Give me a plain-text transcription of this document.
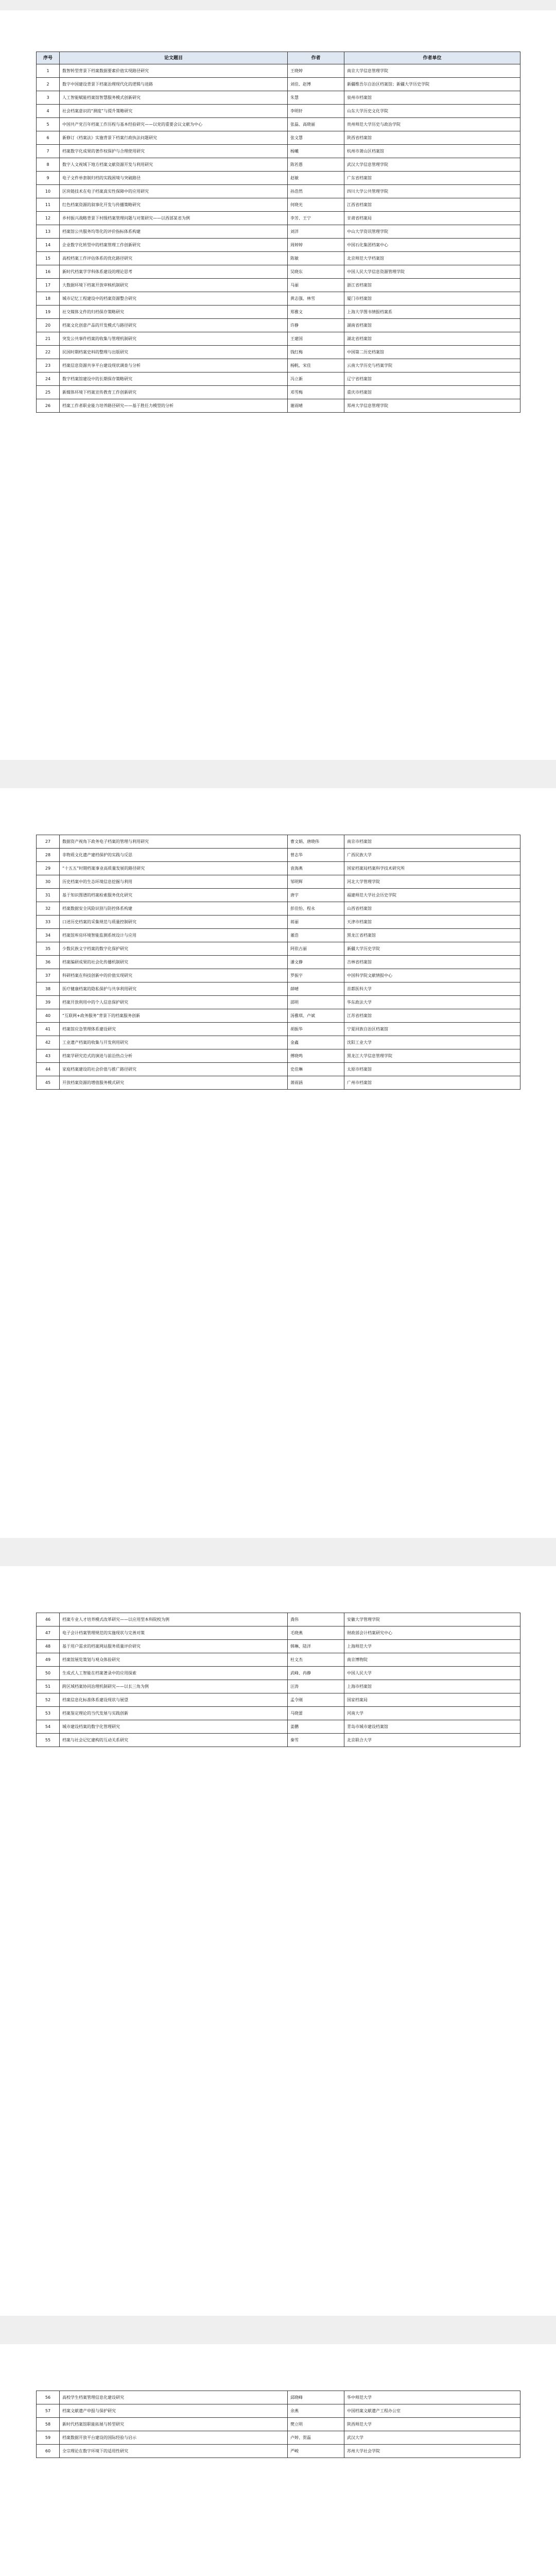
序号	论文题目	作者	作者单位
1	数智转型背景下档案数据要素价值实现路径研究	王晓婷	南京大学信息管理学院
2	数字中国建设背景下档案治理现代化的逻辑与进路	刘佳、赵博	新疆维吾尔自治区档案馆；新疆大学历史学院
3	人工智能赋能档案馆智慧服务模式创新研究	朱慧	泉州市档案馆
4	社会档案意识的“测度”与提升策略研究	李明轩	山东大学历史文化学院
5	中国共产党百年档案工作历程与基本经验研究——以党的重要会议文献为中心	张磊、高晓丽	贵州师范大学历史与政治学院
6	新修订《档案法》实施背景下档案行政执法问题研究	张文慧	陕西省档案馆
7	档案数字化成果的著作权保护与合理使用研究	杨曦	杭州市萧山区档案馆
8	数字人文视域下地方档案文献资源开发与利用研究	陈若愚	武汉大学信息管理学院
9	电子文件单套制归档的实践困境与突破路径	赵敏	广东省档案馆
10	区块链技术在电子档案真实性保障中的应用研究	孙浩然	四川大学公共管理学院
11	红色档案资源的叙事化开发与传播策略研究	何晓光	江西省档案馆
12	乡村振兴战略背景下村级档案管理问题与对策研究——以西部某省为例	李芳、王宁	甘肃省档案局
13	档案馆公共服务均等化的评价指标体系构建	刘洋	中山大学资讯管理学院
14	企业数字化转型中的档案管理工作创新研究	周婷婷	中国石化集团档案中心
15	高校档案工作评估体系的优化路径研究	陈敏	北京师范大学档案馆
16	新时代档案学学科体系建设的理论思考	吴晓东	中国人民大学信息资源管理学院
17	大数据环境下档案开放审核机制研究	马丽	浙江省档案馆
18	城市记忆工程建设中的档案资源整合研究	黄志强、林雪	厦门市档案馆
19	社交媒体文件的归档保存策略研究	郑雅文	上海大学图书情报档案系
20	档案文化创意产品的开发模式与路径研究	许静	湖南省档案馆
21	突发公共事件档案的收集与管理机制研究	王建国	湖北省档案馆
22	民国时期档案史料的整理与出版研究	钱红梅	中国第二历史档案馆
23	档案信息资源共享平台建设现状调查与分析	杨帆、宋佳	云南大学历史与档案学院
24	数字档案馆建设中的长期保存策略研究	冯立新	辽宁省档案馆
25	新媒体环境下档案宣传教育工作创新研究	邓雪梅	重庆市档案馆
26	档案工作者职业能力培养路径研究——基于胜任力模型的分析	谢雨晴	郑州大学信息管理学院
27	数据资产视角下政务电子档案的管理与利用研究	曹文娟、唐晓伟	南京市档案馆
28	非物质文化遗产建档保护的实践与反思	曾志华	广西民族大学
29	“十五五”时期档案事业高质量发展的路径研究	袁海燕	国家档案局档案科学技术研究所
30	历史档案中的生态环境信息挖掘与利用	邹明辉	河北大学管理学院
31	基于知识图谱的档案检索服务优化研究	唐宇	福建师范大学社会历史学院
32	档案数据安全风险识别与防控体系构建	彭佳怡、程永	山西省档案馆
33	口述历史档案的采集规范与质量控制研究	蒋丽	天津市档案馆
34	档案馆库房环境智能监测系统设计与应用	董浩	黑龙江省档案馆
35	少数民族文字档案的数字化保护研究	阿依古丽	新疆大学历史学院
36	档案编研成果的社会化传播机制研究	潘文静	吉林省档案馆
37	科研档案在科技创新中的价值实现研究	罗振宇	中国科学院文献情报中心
38	医疗健康档案的隐私保护与共享利用研究	薛晴	首都医科大学
39	档案开放利用中的个人信息保护研究	邵明	华东政法大学
40	“互联网+政务服务”背景下的档案服务创新	汤雅琪、卢斌	江苏省档案馆
41	档案馆应急管理体系建设研究	胡振华	宁夏回族自治区档案馆
42	工业遗产档案的收集与开发利用研究	金鑫	沈阳工业大学
43	档案学研究范式的演进与前沿热点分析	傅晓鸣	黑龙江大学信息管理学院
44	家庭档案建设的社会价值与推广路径研究	史佳琳	太原市档案馆
45	开放档案资源的增值服务模式研究	萧雨涵	广州市档案馆
46	档案专业人才培养模式改革研究——以应用型本科院校为例	龚伟	安徽大学管理学院
47	电子会计档案管理规范的实施现状与完善对策	毛晓燕	财政部会计档案研究中心
48	基于用户需求的档案网站服务质量评价研究	韩琳、陆洋	上海师范大学
49	档案馆展览策划与观众体验研究	杜文杰	南京博物院
50	生成式人工智能在档案著录中的应用探索	武峰、冉静	中国人民大学
51	跨区域档案协同治理机制研究——以长三角为例	汪涛	上海市档案馆
52	档案信息化标准体系建设现状与展望	孟令刚	国家档案局
53	档案鉴定理论的当代发展与实践创新	马晓蕾	河南大学
54	城市建设档案的数字化管理研究	姜鹏	青岛市城市建设档案馆
55	档案与社会记忆建构的互动关系研究	秦雪	北京联合大学
56	高校学生档案管理信息化建设研究	邱晓峰	华中师范大学
57	档案文献遗产申报与保护研究	余燕	中国档案文献遗产工程办公室
58	新时代档案馆职能拓展与转型研究	樊立明	陕西师范大学
59	档案数据开放平台建设的国际经验与启示	卢婷、贺磊	武汉大学
60	全宗理论在数字环境下的适用性研究	严峻	苏州大学社会学院
